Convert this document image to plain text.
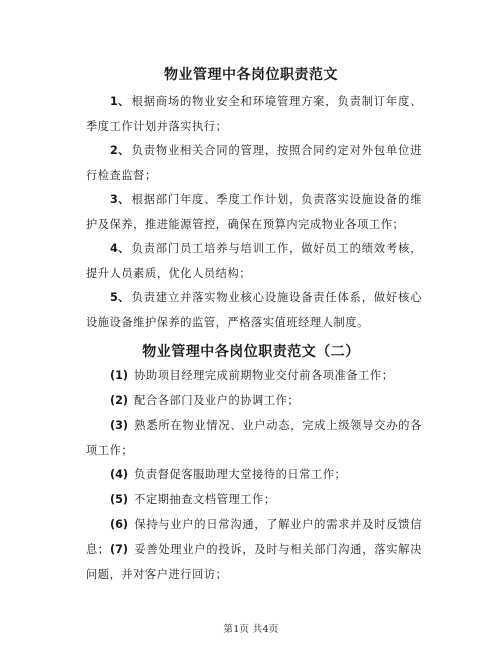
物业管理中各岗位职责范文

1、 根据商场的物业安全和环境管理方案，负责制订年度、季度工作计划并落实执行；

2、 负责物业相关合同的管理，按照合同约定对外包单位进行检查监督；

3、 根据部门年度、季度工作计划，负责落实设施设备的维护及保养，推进能源管控，确保在预算内完成物业各项工作；

4、 负责部门员工培养与培训工作，做好员工的绩效考核，提升人员素质，优化人员结构；

5、 负责建立并落实物业核心设施设备责任体系，做好核心设施设备维护保养的监管，严格落实值班经理人制度。

物业管理中各岗位职责范文（二）

(1) 协助项目经理完成前期物业交付前各项准备工作；

(2) 配合各部门及业户的协调工作；

(3) 熟悉所在物业情况、业户动态，完成上级领导交办的各项工作；

(4) 负责督促客服助理大堂接待的日常工作；

(5) 不定期抽查文档管理工作；

(6) 保持与业户的日常沟通，了解业户的需求并及时反馈信息； (7) 妥善处理业户的投诉，及时与相关部门沟通，落实解决问题，并对客户进行回访；

第1页 共4页
